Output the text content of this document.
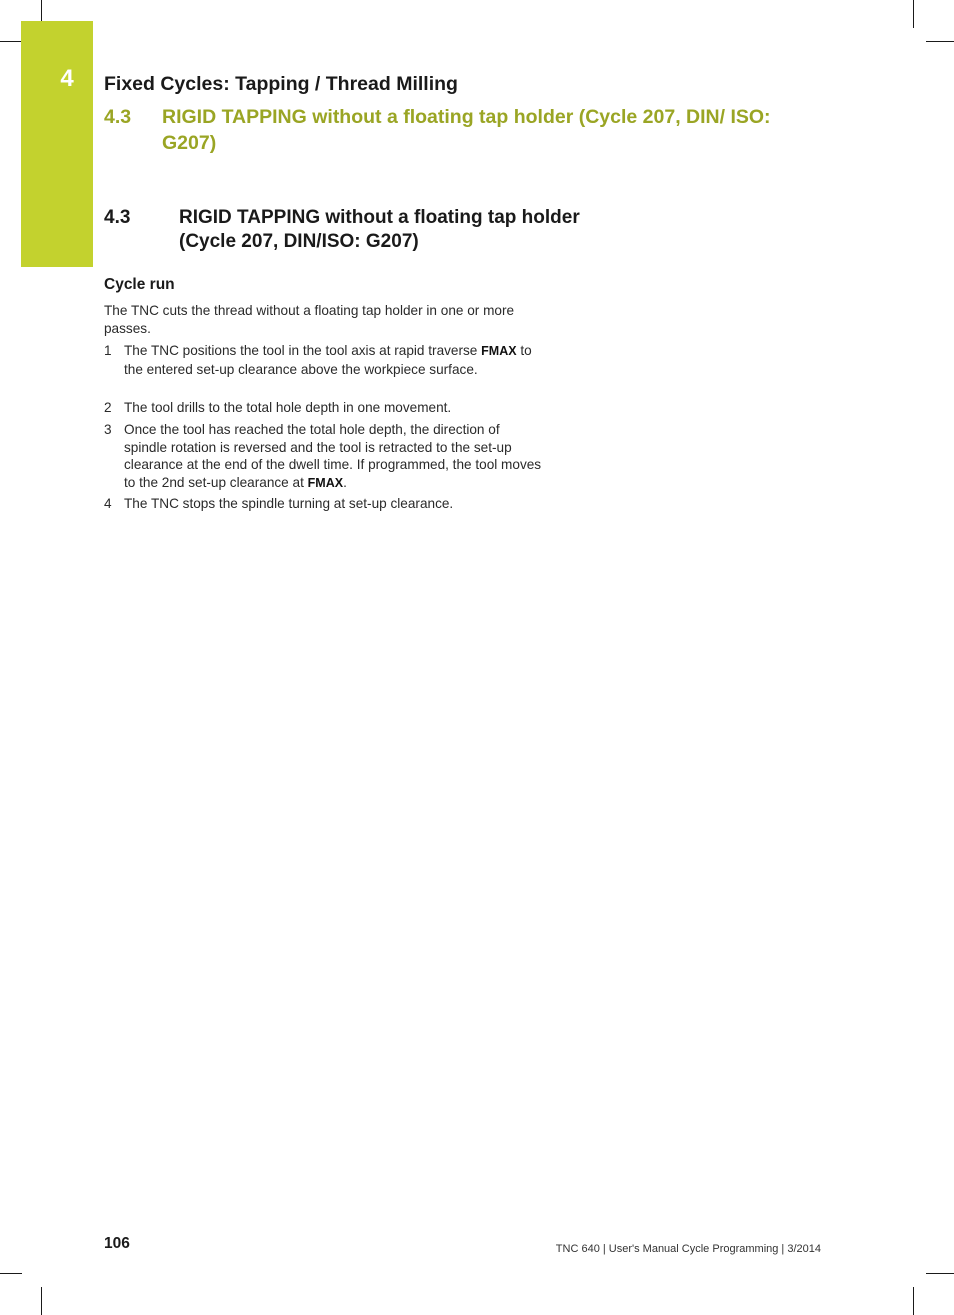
4	Fixed Cycles: Tapping / Thread Milling
4.3 RIGID TAPPING without a floating tap holder (Cycle 207, DIN/ ISO: G207)
4.3	RIGID TAPPING without a floating tap holder (Cycle 207, DIN/ISO: G207)
Cycle run
The TNC cuts the thread without a floating tap holder in one or more passes.
1 The TNC positions the tool in the tool axis at rapid traverse FMAX to the entered set-up clearance above the workpiece surface.
2 The tool drills to the total hole depth in one movement.
3 Once the tool has reached the total hole depth, the direction of spindle rotation is reversed and the tool is retracted to the set-up clearance at the end of the dwell time. If programmed, the tool moves to the 2nd set-up clearance at FMAX.
4 The TNC stops the spindle turning at set-up clearance.
106	TNC 640 | User's Manual Cycle Programming | 3/2014
